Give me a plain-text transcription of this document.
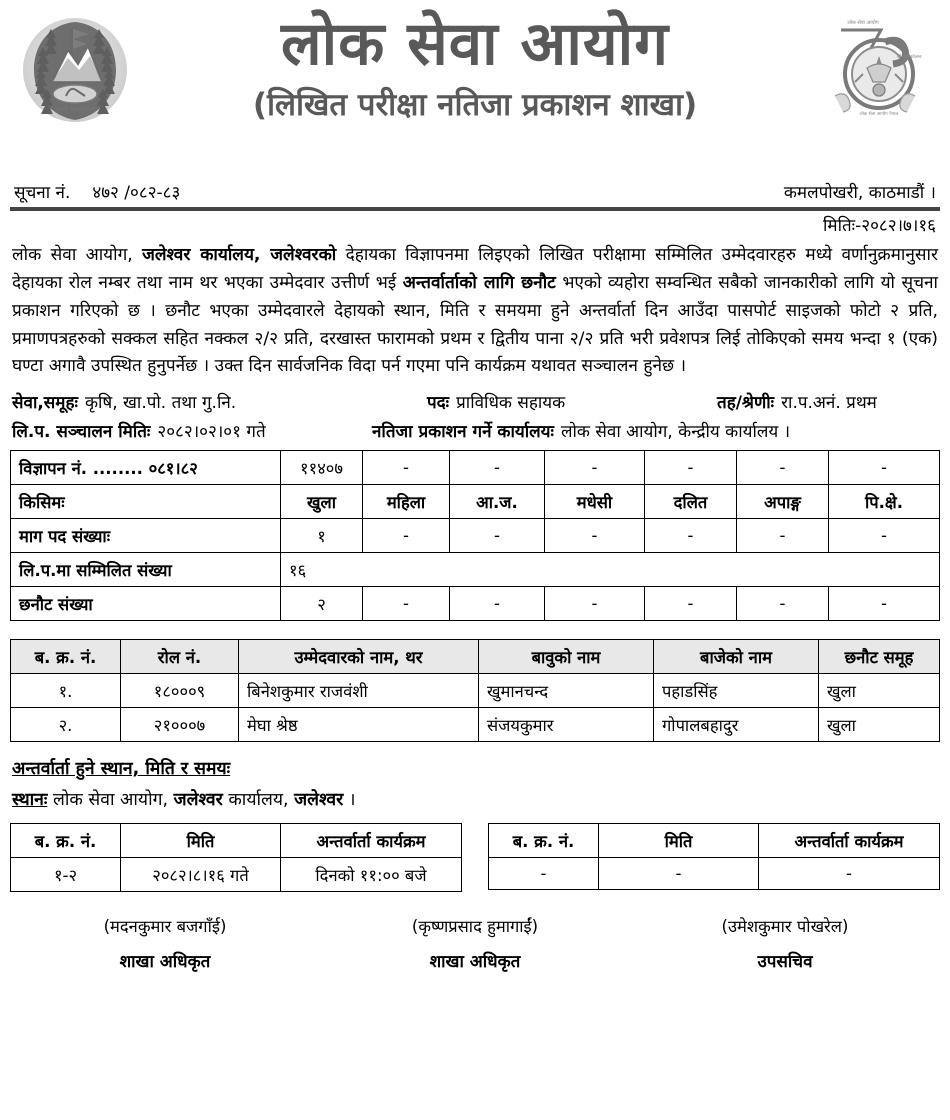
जननी जन्मभूमिश्च
लोक सेवा आयोग
(लिखित परीक्षा नतिजा प्रकाशन शाखा)
लोक सेवा आयोग
औं वार्षिकोत्सव
लोक सेवा आयोग नेपाल
सूचना नं. ४७२ /०८२-८३	कमलपोखरी, काठमाडौं ।
मितिः-२०८२।७।१६
लोक सेवा आयोग, जलेश्वर कार्यालय, जलेश्वरको देहायका विज्ञापनमा लिइएको लिखित परीक्षामा सम्मिलित उम्मेदवारहरु मध्ये वर्णानुक्रमानुसार देहायका रोल नम्बर तथा नाम थर भएका उम्मेदवार उत्तीर्ण भई अन्तर्वार्ताको लागि छनौट भएको व्यहोरा सम्वन्धित सबैको जानकारीको लागि यो सूचना प्रकाशन गरिएको छ । छनौट भएका उम्मेदवारले देहायको स्थान, मिति र समयमा हुने अन्तर्वार्ता दिन आउँदा पासपोर्ट साइजको फोटो २ प्रति, प्रमाणपत्रहरुको सक्कल सहित नक्कल २/२ प्रति, दरखास्त फारामको प्रथम र द्वितीय पाना २/२ प्रति भरी प्रवेशपत्र लिई तोकिएको समय भन्दा १ (एक) घण्टा अगावै उपस्थित हुनुपर्नेछ । उक्त दिन सार्वजनिक विदा पर्न गएमा पनि कार्यक्रम यथावत सञ्चालन हुनेछ ।
सेवा,समूहः कृषि, खा.पो. तथा गु.नि.	पदः प्राविधिक सहायक	तह/श्रेणीः रा.प.अनं. प्रथम
लि.प. सञ्चालन मितिः २०८२।०२।०१ गते	नतिजा प्रकाशन गर्ने कार्यालयः लोक सेवा आयोग, केन्द्रीय कार्यालय ।
विज्ञापन नं. ........ ०८१।८२	११४०७	-	-	-	-	-	-
किसिमः	खुला	महिला	आ.ज.	मधेसी	दलित	अपाङ्ग	पि.क्षे.
माग पद संख्याः	१	-	-	-	-	-	-
लि.प.मा सम्मिलित संख्या	१६						
छनौट संख्या	२	-	-	-	-	-	-
ब. क्र. नं.	रोल नं.	उम्मेदवारको नाम, थर	बावुको नाम	बाजेको नाम	छनौट समूह
१.	१८०००९	बिनेशकुमार राजवंशी	खुमानचन्द	पहाडसिंह	खुला
२.	२१०००७	मेघा श्रेष्ठ	संजयकुमार	गोपालबहादुर	खुला
अन्तर्वार्ता हुने स्थान, मिति र समयः
स्थानः लोक सेवा आयोग, जलेश्वर कार्यालय, जलेश्वर ।
ब. क्र. नं.	मिति	अन्तर्वार्ता कार्यक्रम
१-२	२०८२।८।१६ गते	दिनको ११:०० बजे
ब. क्र. नं.	मिति	अन्तर्वार्ता कार्यक्रम
-	-	-
(मदनकुमार बजगाँई)
शाखा अधिकृत
(कृष्णप्रसाद हुमागाईं)
शाखा अधिकृत
(उमेशकुमार पोखरेल)
उपसचिव
